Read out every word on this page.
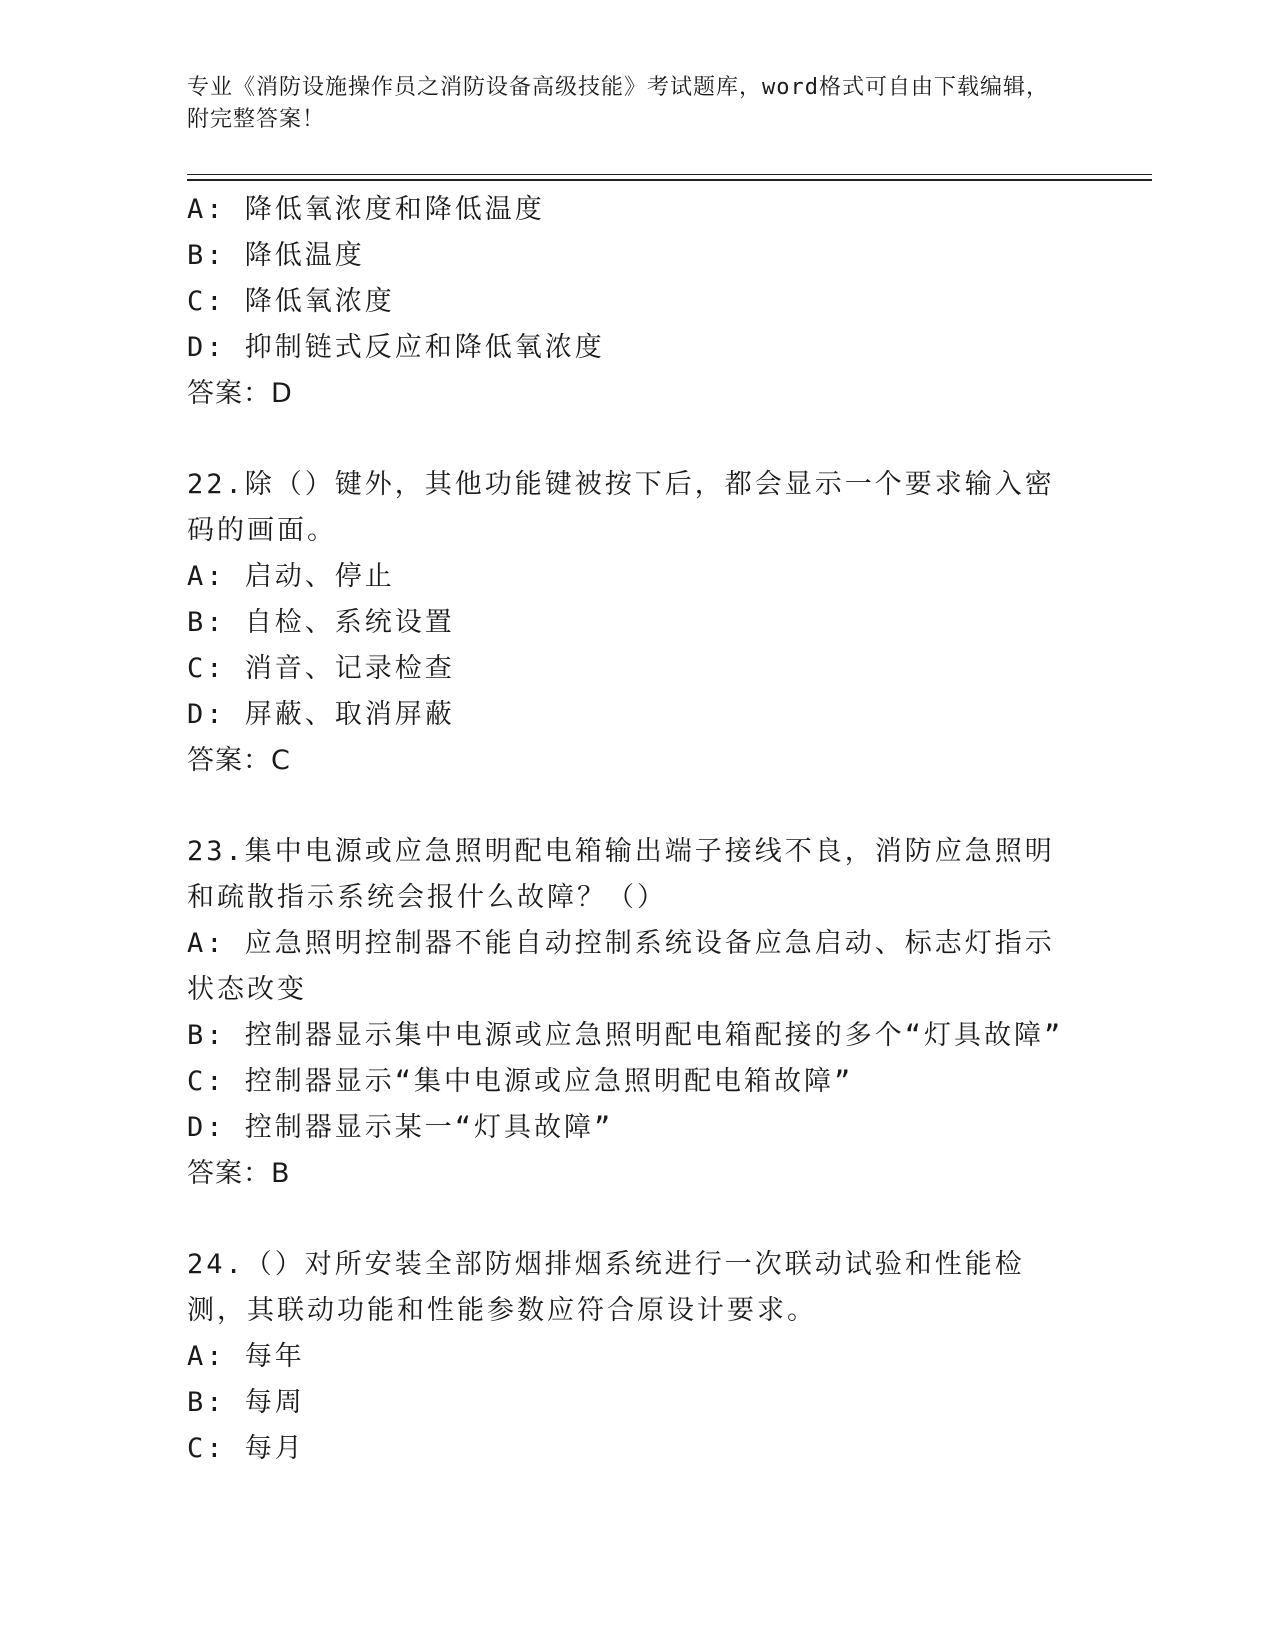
专业《消防设施操作员之消防设备高级技能》考试题库，word格式可自由下载编辑，附完整答案！

A: 降低氧浓度和降低温度
B: 降低温度
C: 降低氧浓度
D: 抑制链式反应和降低氧浓度
答案：D
22.除（）键外，其他功能键被按下后，都会显示一个要求输入密码的画面。
A: 启动、停止
B: 自检、系统设置
C: 消音、记录检查
D: 屏蔽、取消屏蔽
答案：C
23.集中电源或应急照明配电箱输出端子接线不良，消防应急照明和疏散指示系统会报什么故障？（）
A: 应急照明控制器不能自动控制系统设备应急启动、标志灯指示状态改变
B: 控制器显示集中电源或应急照明配电箱配接的多个“灯具故障”
C: 控制器显示“集中电源或应急照明配电箱故障”
D: 控制器显示某一“灯具故障”
答案：B
24.（）对所安装全部防烟排烟系统进行一次联动试验和性能检测，其联动功能和性能参数应符合原设计要求。
A: 每年
B: 每周
C: 每月
